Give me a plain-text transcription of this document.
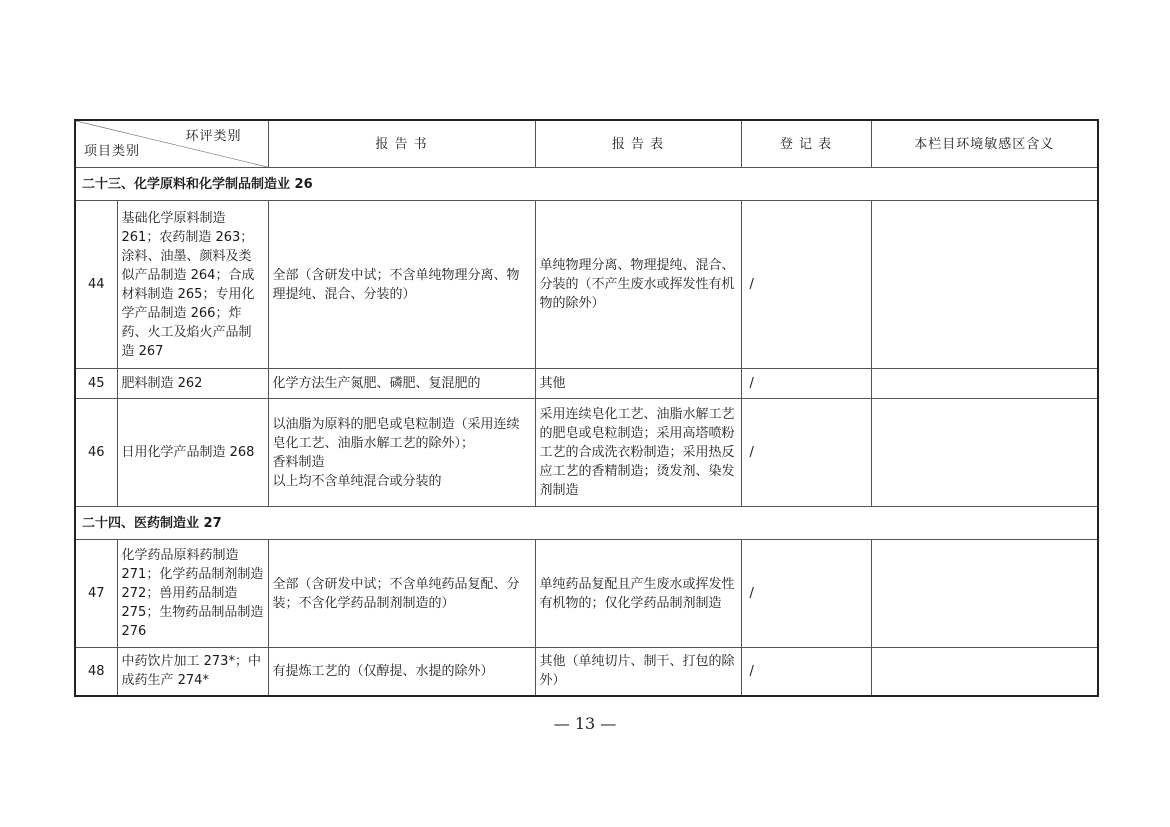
环评类别
项目类别		报 告 书	报 告 表	登 记 表	本栏目环境敏感区含义
二十三、化学原料和化学制品制造业 26					
44	基础化学原料制造 261；农药制造 263；涂料、油墨、颜料及类似产品制造 264；合成材料制造 265；专用化学产品制造 266；炸药、火工及焰火产品制造 267	全部（含研发中试；不含单纯物理分离、物理提纯、混合、分装的）	单纯物理分离、物理提纯、混合、分装的（不产生废水或挥发性有机物的除外）	/	
45	肥料制造 262	化学方法生产氮肥、磷肥、复混肥的	其他	/	
46	日用化学产品制造 268	以油脂为原料的肥皂或皂粒制造（采用连续皂化工艺、油脂水解工艺的除外）；
香料制造
以上均不含单纯混合或分装的	采用连续皂化工艺、油脂水解工艺的肥皂或皂粒制造；采用高塔喷粉工艺的合成洗衣粉制造；采用热反应工艺的香精制造；烫发剂、染发剂制造	/	
二十四、医药制造业 27					
47	化学药品原料药制造 271；化学药品制剂制造 272；兽用药品制造 275；生物药品制品制造 276	全部（含研发中试；不含单纯药品复配、分装；不含化学药品制剂制造的）	单纯药品复配且产生废水或挥发性有机物的；仅化学药品制剂制造	/	
48	中药饮片加工 273*；中成药生产 274*	有提炼工艺的（仅醇提、水提的除外）	其他（单纯切片、制干、打包的除外）	/	
— 13 —
